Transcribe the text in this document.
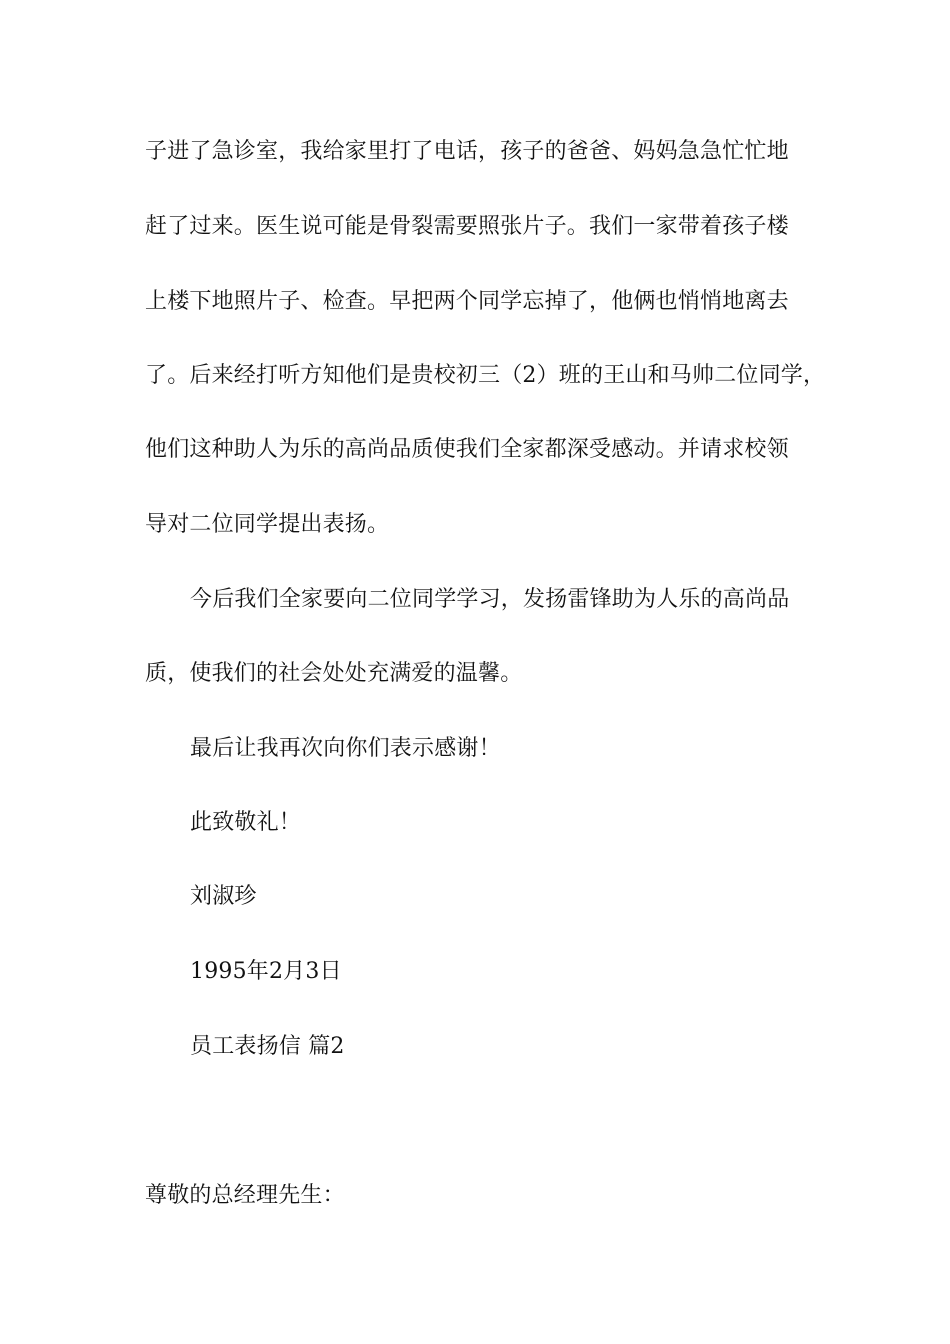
子进了急诊室，我给家里打了电话，孩子的爸爸、妈妈急急忙忙地
赶了过来。医生说可能是骨裂需要照张片子。我们一家带着孩子楼
上楼下地照片子、检查。早把两个同学忘掉了，他俩也悄悄地离去
了。后来经打听方知他们是贵校初三（2）班的王山和马帅二位同学，
他们这种助人为乐的高尚品质使我们全家都深受感动。并请求校领
导对二位同学提出表扬。
今后我们全家要向二位同学学习，发扬雷锋助为人乐的高尚品
质，使我们的社会处处充满爱的温馨。
最后让我再次向你们表示感谢！
此致敬礼！
刘淑珍
1995年2月3日
员工表扬信 篇2
尊敬的总经理先生：
